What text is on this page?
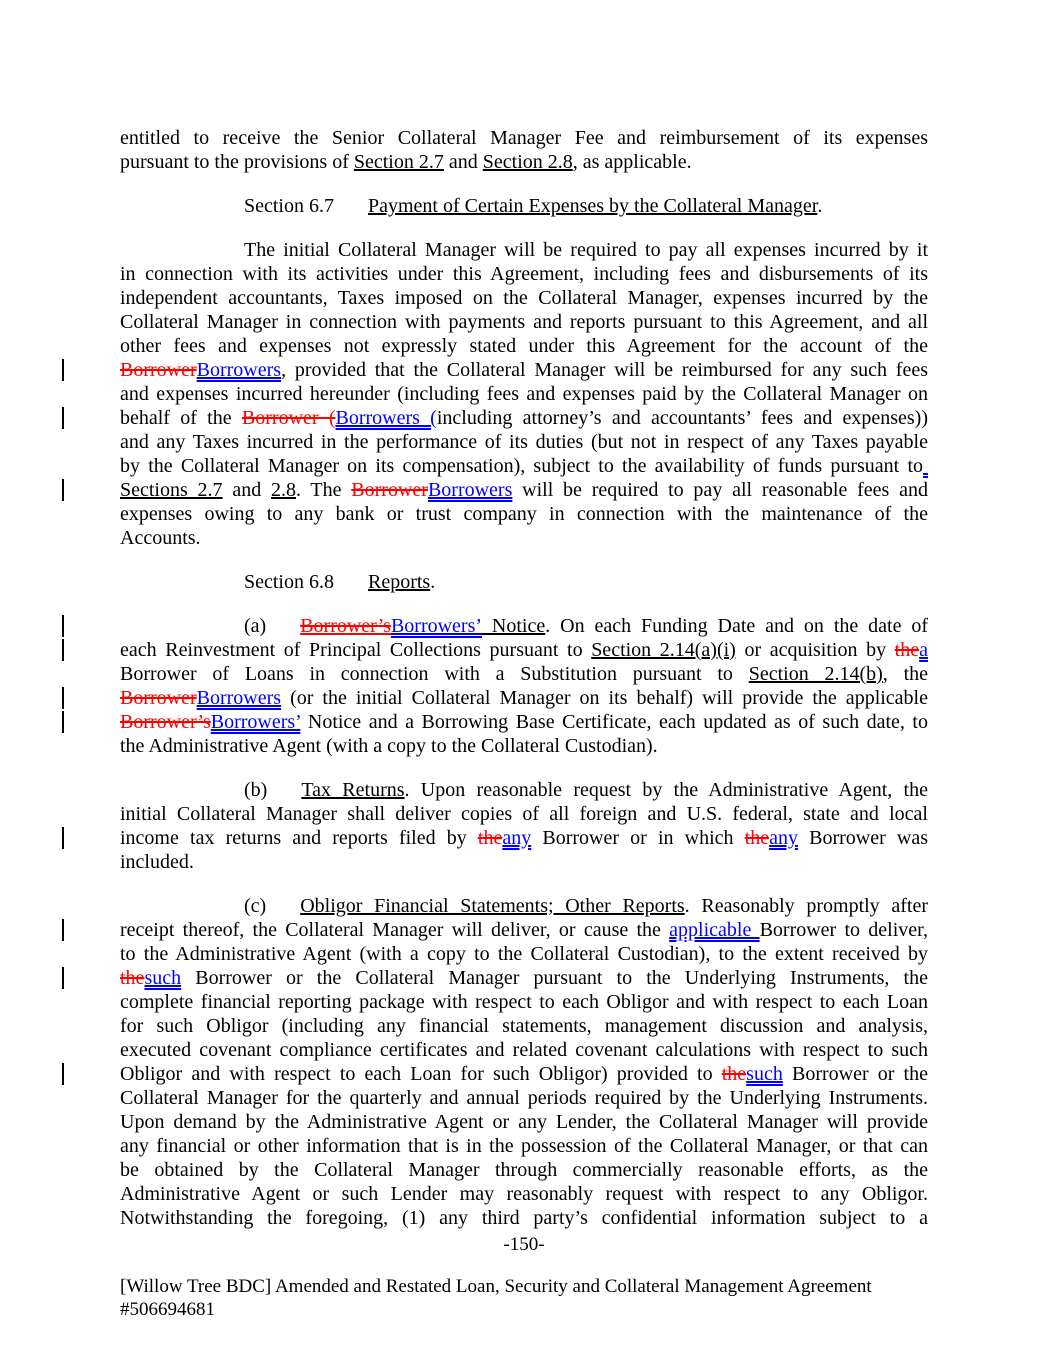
entitled to receive the Senior Collateral Manager Fee and reimbursement of its expenses
pursuant to the provisions of Section 2.7 and Section 2.8, as applicable.
Section 6.7 Payment of Certain Expenses by the Collateral Manager.
The initial Collateral Manager will be required to pay all expenses incurred by it
in connection with its activities under this Agreement, including fees and disbursements of its
independent accountants, Taxes imposed on the Collateral Manager, expenses incurred by the
Collateral Manager in connection with payments and reports pursuant to this Agreement, and all
other fees and expenses not expressly stated under this Agreement for the account of the
BorrowerBorrowers, provided that the Collateral Manager will be reimbursed for any such fees
and expenses incurred hereunder (including fees and expenses paid by the Collateral Manager on
behalf of the Borrower (Borrowers (including attorney’s and accountants’ fees and expenses))
and any Taxes incurred in the performance of its duties (but not in respect of any Taxes payable
by the Collateral Manager on its compensation), subject to the availability of funds pursuant to
Sections 2.7 and 2.8. The BorrowerBorrowers will be required to pay all reasonable fees and
expenses owing to any bank or trust company in connection with the maintenance of the
Accounts.
Section 6.8 Reports.
(a) Borrower’sBorrowers’ Notice. On each Funding Date and on the date of
each Reinvestment of Principal Collections pursuant to Section 2.14(a)(i) or acquisition by thea
Borrower of Loans in connection with a Substitution pursuant to Section 2.14(b), the
BorrowerBorrowers (or the initial Collateral Manager on its behalf) will provide the applicable
Borrower’sBorrowers’ Notice and a Borrowing Base Certificate, each updated as of such date, to
the Administrative Agent (with a copy to the Collateral Custodian).
(b) Tax Returns. Upon reasonable request by the Administrative Agent, the
initial Collateral Manager shall deliver copies of all foreign and U.S. federal, state and local
income tax returns and reports filed by theany Borrower or in which theany Borrower was
included.
(c) Obligor Financial Statements; Other Reports. Reasonably promptly after
receipt thereof, the Collateral Manager will deliver, or cause the applicable Borrower to deliver,
to the Administrative Agent (with a copy to the Collateral Custodian), to the extent received by
thesuch Borrower or the Collateral Manager pursuant to the Underlying Instruments, the
complete financial reporting package with respect to each Obligor and with respect to each Loan
for such Obligor (including any financial statements, management discussion and analysis,
executed covenant compliance certificates and related covenant calculations with respect to such
Obligor and with respect to each Loan for such Obligor) provided to thesuch Borrower or the
Collateral Manager for the quarterly and annual periods required by the Underlying Instruments.
Upon demand by the Administrative Agent or any Lender, the Collateral Manager will provide
any financial or other information that is in the possession of the Collateral Manager, or that can
be obtained by the Collateral Manager through commercially reasonable efforts, as the
Administrative Agent or such Lender may reasonably request with respect to any Obligor.
Notwithstanding the foregoing, (1) any third party’s confidential information subject to a
-150-
[Willow Tree BDC] Amended and Restated Loan, Security and Collateral Management Agreement
#506694681
